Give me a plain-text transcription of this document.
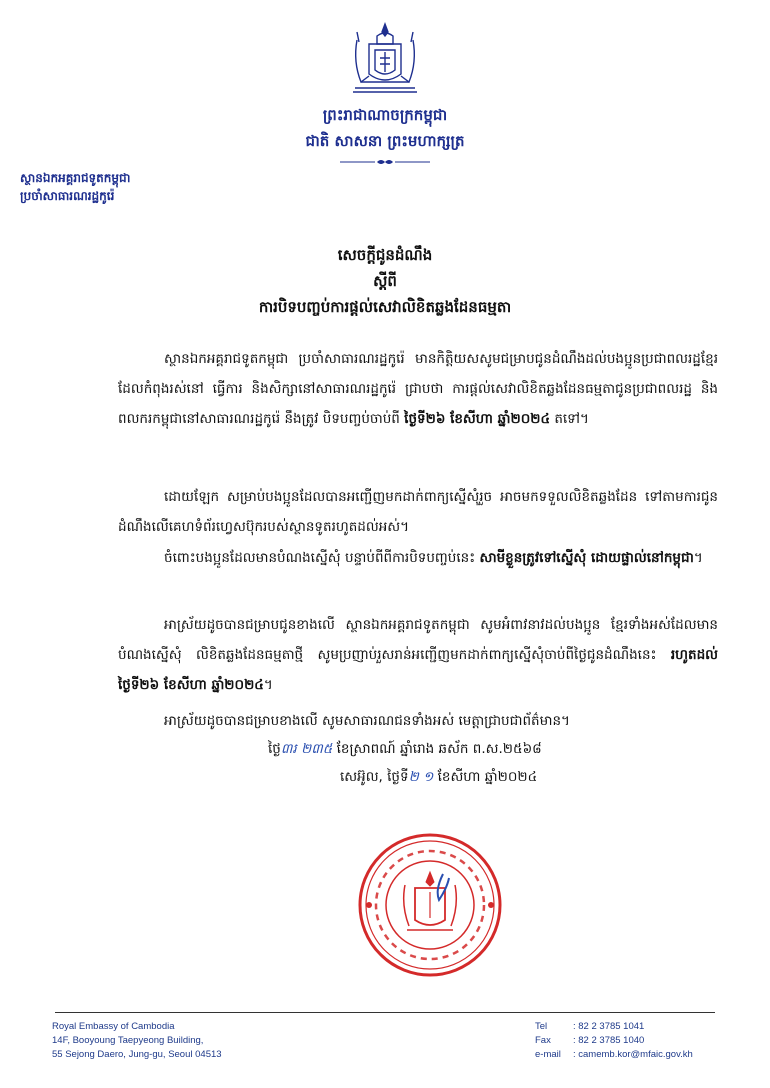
ព្រះរាជាណាចក្រកម្ពុជា
ជាតិ សាសនា ព្រះមហាក្សត្រ
ស្ថានឯកអគ្គរាជទូតកម្ពុជា
ប្រចាំសាធារណរដ្ឋកូរ៉េ
សេចក្តីជូនដំណឹង
ស្តីពី
ការបិទបញ្ចប់ការផ្តល់សេវាលិខិតឆ្លងដែនធម្មតា
ស្ថានឯកអគ្គរាជទូតកម្ពុជា ប្រចាំសាធារណរដ្ឋកូរ៉េ មានកិត្តិយសសូមជម្រាបជូនដំណឹងដល់បងប្អូនប្រជាពលរដ្ឋខ្មែរ ដែលកំពុងរស់នៅ ធ្វើការ និងសិក្សានៅសាធារណរដ្ឋកូរ៉េ ជ្រាបថា ការផ្តល់សេវាលិខិតឆ្លងដែនធម្មតាជូនប្រជាពលរដ្ឋ និងពលករកម្ពុជានៅសាធារណរដ្ឋកូរ៉េ នឹងត្រូវ បិទបញ្ចប់ចាប់ពី ថ្ងៃទី២៦ ខែសីហា ឆ្នាំ២០២៤ តទៅ។
ដោយឡែក សម្រាប់បងប្អូនដែលបានអញ្ជើញមកដាក់ពាក្យស្នើសុំរួច អាចមកទទួលលិខិតឆ្លងដែន ទៅតាមការជូនដំណឹងលើគេហទំព័រហ្វេសប៊ុករបស់ស្ថានទូតរហូតដល់អស់។
ចំពោះបងប្អូនដែលមានបំណងស្នើសុំ បន្ទាប់ពីពីការបិទបញ្ចប់នេះ សាមីខ្លួនត្រូវទៅស្នើសុំ ដោយផ្ទាល់នៅកម្ពុជា។
អាស្រ័យដូចបានជម្រាបជូនខាងលើ ស្ថានឯកអគ្គរាជទូតកម្ពុជា សូមអំពាវនាវដល់បងប្អូន ខ្មែរទាំងអស់ដែលមានបំណងស្នើសុំ លិខិតឆ្លងដែនធម្មតាថ្មី សូមប្រញាប់រួសរាន់អញ្ជើញមកដាក់ពាក្យស្នើសុំចាប់ពីថ្ងៃជូនដំណឹងនេះ រហូតដល់ថ្ងៃទី២៦ ខែសីហា ឆ្នាំ២០២៤។
អាស្រ័យដូចបានជម្រាបខាងលើ សូមសាធារណជនទាំងអស់ មេត្តាជ្រាបជាព័ត៌មាន។
ថ្ងៃ៣រ ២៣៥ ខែស្រាពណ៍ ឆ្នាំរោង ឆស័ក ព.ស.២៥៦៨
សេអ៊ូល, ថ្ងៃទី២ ១ ខែសីហា ឆ្នាំ២០២៤
Royal Embassy of Cambodia
14F, Booyoung Taepyeong Building,
55 Sejong Daero, Jung-gu, Seoul 04513
Tel	: 82 2 3785 1041
Fax : 82 2 3785 1040
e-mail : camemb.kor@mfaic.gov.kh
